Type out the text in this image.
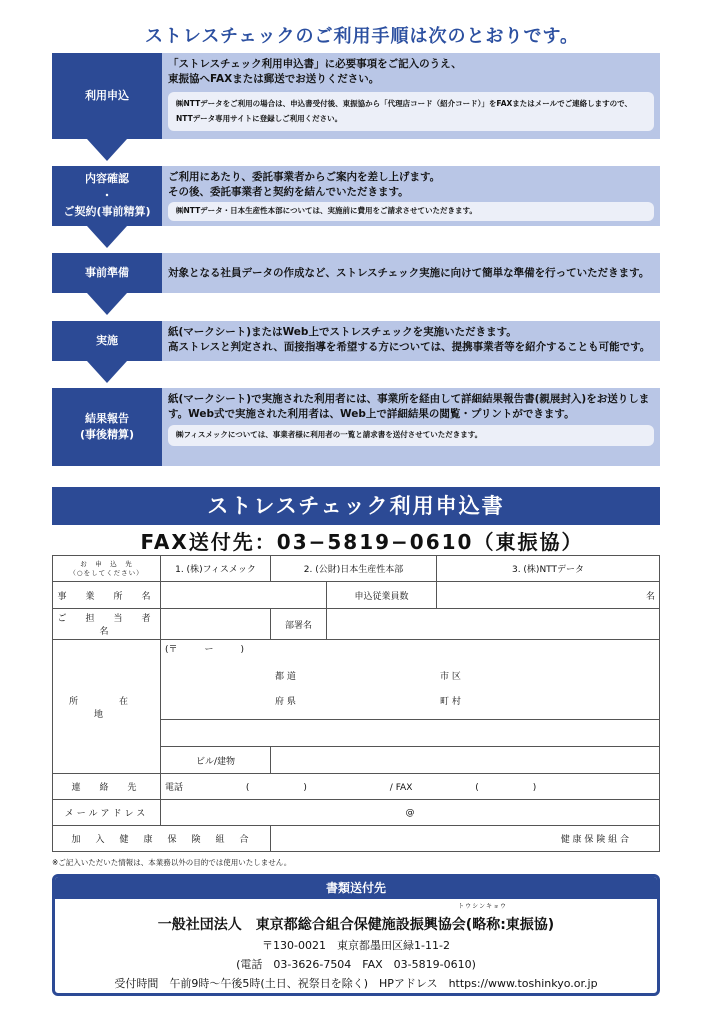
ストレスチェックのご利用手順は次のとおりです。
利用申込
「ストレスチェック利用申込書」に必要事項をご記入のうえ、
東振協へFAXまたは郵送でお送りください。
㈱NTTデータをご利用の場合は、申込書受付後、東振協から「代理店コード（紹介コード）」をFAXまたはメールでご連絡しますので、NTTデータ専用サイトに登録しご利用ください。
内容確認
・
ご契約(事前精算)
ご利用にあたり、委託事業者からご案内を差し上げます。
その後、委託事業者と契約を結んでいただきます。
㈱NTTデータ・日本生産性本部については、実施前に費用をご請求させていただきます。
事前準備	対象となる社員データの作成など、ストレスチェック実施に向けて簡単な準備を行っていただきます。
実施
紙(マークシート)またはWeb上でストレスチェックを実施いただきます。
高ストレスと判定され、面接指導を希望する方については、提携事業者等を紹介することも可能です。
結果報告
(事後精算)
紙(マークシート)で実施された利用者には、事業所を経由して詳細結果報告書(親展封入)をお送りします。Web式で実施された利用者は、Web上で詳細結果の閲覧・プリントができます。
㈱フィスメックについては、事業者様に利用者の一覧と請求書を送付させていただきます。
ストレスチェック利用申込書
FAX送付先：03−5819−0610（東振協）
お　申　込　先
（○をしてください）	1. (株)フィスメック	2. (公財)日本生産性本部		3. (株)NTTデータ
事　業　所　名			申込従業員数	名
ご　担　当　者　名		部署名		
所　在　地	(〒　　　ー　　　)
都 道 市 区
府 県 町 村			

	ビル/建物			
連　絡　先	電話 (　　　　　　) / FAX (　　　　　　)			
メールアドレス	@			
加　入　健　康　保　険　組　合		健 康 保 険 組 合		
※ご記入いただいた情報は、本業務以外の目的では使用いたしません。
書類送付先
トウシンキョウ
一般社団法人　東京都総合組合保健施設振興協会(略称:東振協)
〒130-0021　東京都墨田区緑1-11-2
(電話　03-3626-7504　FAX　03-5819-0610)
受付時間　午前9時〜午後5時(土日、祝祭日を除く)　HPアドレス　https://www.toshinkyo.or.jp
